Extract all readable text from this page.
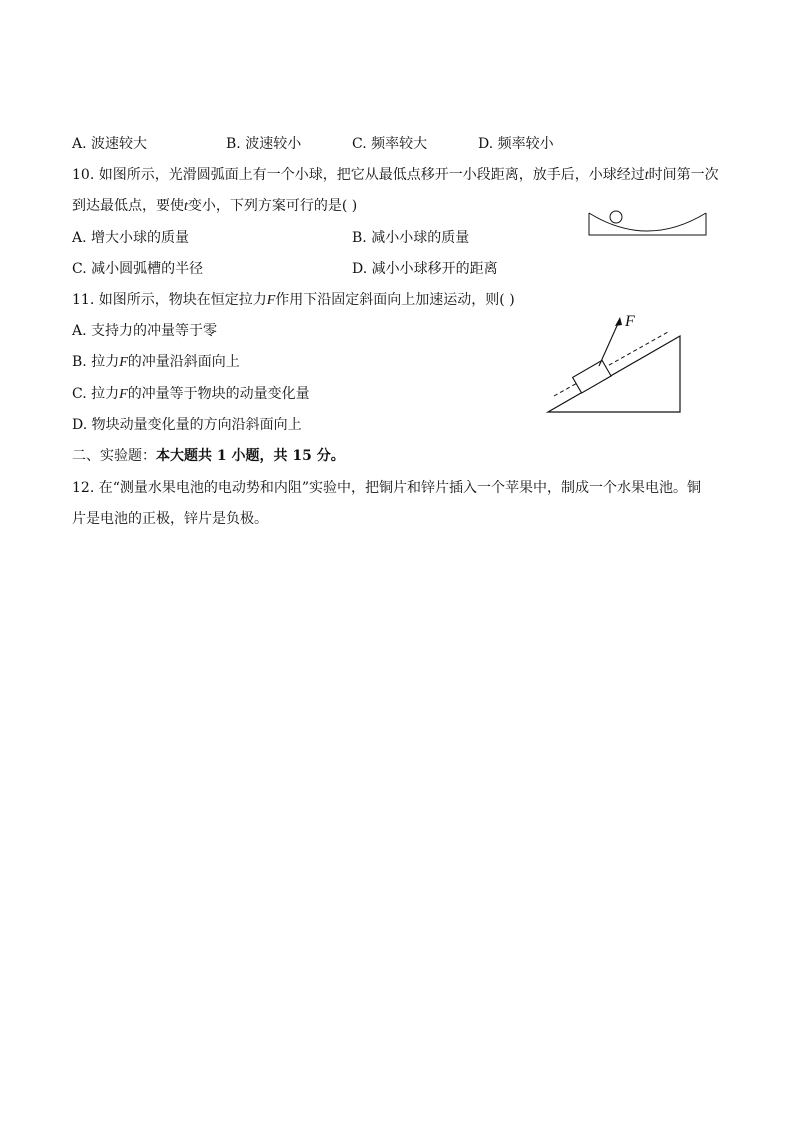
A. 波速较大	B. 波速较小	C. 频率较大	D. 频率较小
10. 如图所示，光滑圆弧面上有一个小球，把它从最低点移开一小段距离，放手后，小球经过t时间第一次
到达最低点，要使t变小，下列方案可行的是( )
A. 增大小球的质量	B. 减小小球的质量
C. 减小圆弧槽的半径	D. 减小小球移开的距离
11. 如图所示，物块在恒定拉力F作用下沿固定斜面向上加速运动，则( )
A. 支持力的冲量等于零
B. 拉力F的冲量沿斜面向上
C. 拉力F的冲量等于物块的动量变化量
D. 物块动量变化量的方向沿斜面向上
F
二、实验题：本大题共 1 小题，共 15 分。
12. 在“测量水果电池的电动势和内阻”实验中，把铜片和锌片插入一个苹果中，制成一个水果电池。铜
片是电池的正极，锌片是负极。
